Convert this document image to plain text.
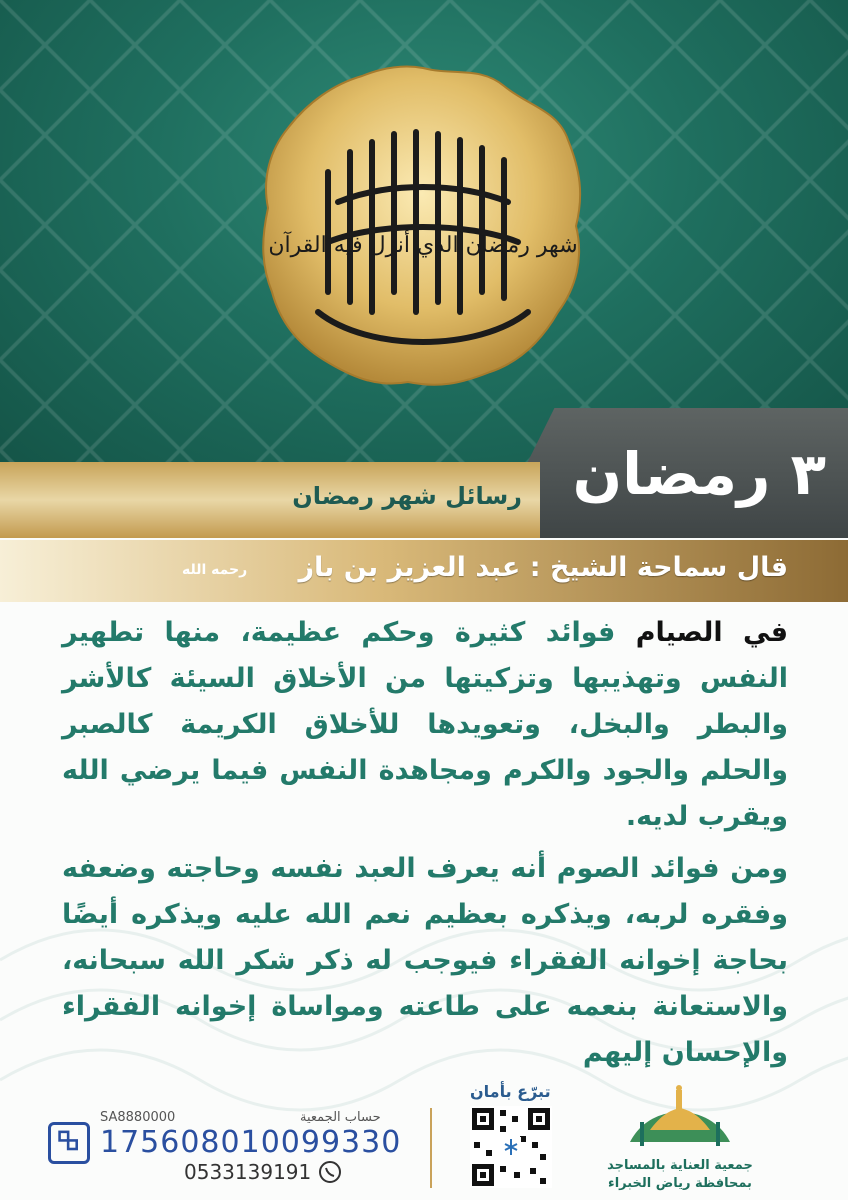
شهر رمضان الذي أنزل فيه القرآن
٣ رمضان
رسائل شهر رمضان
قال سماحة الشيخ : عبد العزيز بن باز
رحمه الله

في الصيام فوائد كثيرة وحكم عظيمة، منها تطهير النفس وتهذيبها وتزكيتها من الأخلاق السيئة كالأشر والبطر والبخل، وتعويدها للأخلاق الكريمة كالصبر والحلم والجود والكرم ومجاهدة النفس فيما يرضي الله ويقرب لديه.

ومن فوائد الصوم أنه يعرف العبد نفسه وحاجته وضعفه وفقره لربه، ويذكره بعظيم نعم الله عليه ويذكره أيضًا بحاجة إخوانه الفقراء فيوجب له ذكر شكر الله سبحانه، والاستعانة بنعمه على طاعته ومواساة إخوانه الفقراء والإحسان إليهم

حساب الجمعية
SA8880000
175608010099330
0533139191
تبرّع بأمان
جمعية العناية بالمساجد
بمحافظة رياض الخبراء
